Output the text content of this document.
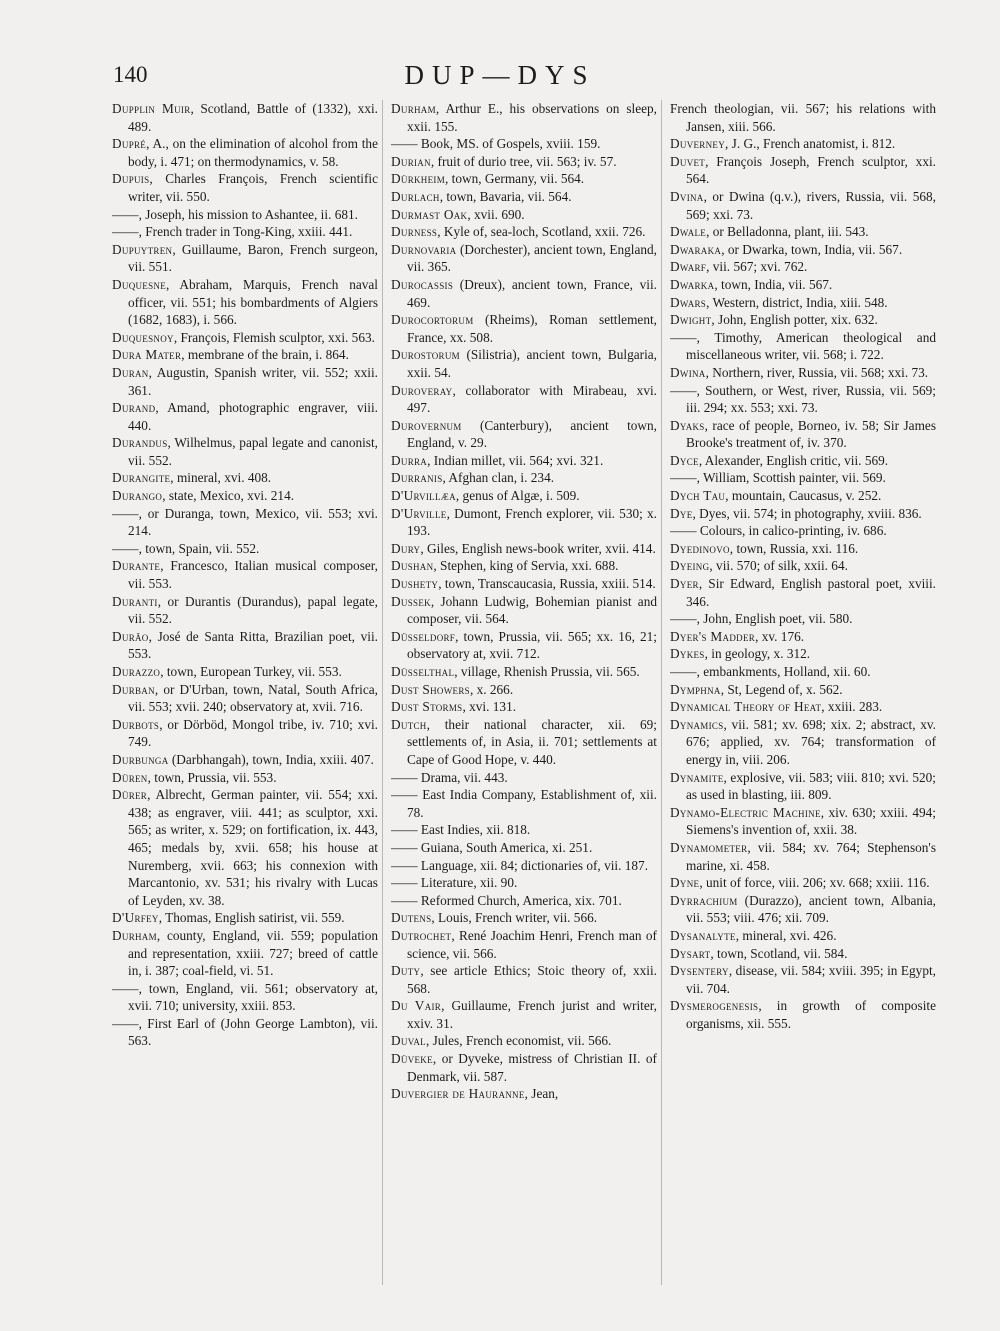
140	DUP—DYS

Dupplin Muir, Scotland, Battle of (1332), xxi. 489.

Dupré, A., on the elimination of alcohol from the body, i. 471; on thermodynamics, v. 58.

Dupuis, Charles François, French scientific writer, vii. 550.

——, Joseph, his mission to Ashantee, ii. 681.

——, French trader in Tong-King, xxiii. 441.

Dupuytren, Guillaume, Baron, French surgeon, vii. 551.

Duquesne, Abraham, Marquis, French naval officer, vii. 551; his bombardments of Algiers (1682, 1683), i. 566.

Duquesnoy, François, Flemish sculptor, xxi. 563.

Dura Mater, membrane of the brain, i. 864.

Duran, Augustin, Spanish writer, vii. 552; xxii. 361.

Durand, Amand, photographic engraver, viii. 440.

Durandus, Wilhelmus, papal legate and canonist, vii. 552.

Durangite, mineral, xvi. 408.

Durango, state, Mexico, xvi. 214.

——, or Duranga, town, Mexico, vii. 553; xvi. 214.

——, town, Spain, vii. 552.

Durante, Francesco, Italian musical composer, vii. 553.

Duranti, or Durantis (Durandus), papal legate, vii. 552.

Durão, José de Santa Ritta, Brazilian poet, vii. 553.

Durazzo, town, European Turkey, vii. 553.

Durban, or D'Urban, town, Natal, South Africa, vii. 553; xvii. 240; observatory at, xvii. 716.

Durbots, or Dörböd, Mongol tribe, iv. 710; xvi. 749.

Durbunga (Darbhangah), town, India, xxiii. 407.

Düren, town, Prussia, vii. 553.

Dürer, Albrecht, German painter, vii. 554; xxi. 438; as engraver, viii. 441; as sculptor, xxi. 565; as writer, x. 529; on fortification, ix. 443, 465; medals by, xvii. 658; his house at Nuremberg, xvii. 663; his connexion with Marcantonio, xv. 531; his rivalry with Lucas of Leyden, xv. 38.

D'Urfey, Thomas, English satirist, vii. 559.

Durham, county, England, vii. 559; population and representation, xxiii. 727; breed of cattle in, i. 387; coal-field, vi. 51.

——, town, England, vii. 561; observatory at, xvii. 710; university, xxiii. 853.

——, First Earl of (John George Lambton), vii. 563.

Durham, Arthur E., his observations on sleep, xxii. 155.

—— Book, MS. of Gospels, xviii. 159.

Durian, fruit of durio tree, vii. 563; iv. 57.

Dürkheim, town, Germany, vii. 564.

Durlach, town, Bavaria, vii. 564.

Durmast Oak, xvii. 690.

Durness, Kyle of, sea-loch, Scotland, xxii. 726.

Durnovaria (Dorchester), ancient town, England, vii. 365.

Durocassis (Dreux), ancient town, France, vii. 469.

Durocortorum (Rheims), Roman settlement, France, xx. 508.

Durostorum (Silistria), ancient town, Bulgaria, xxii. 54.

Duroveray, collaborator with Mirabeau, xvi. 497.

Durovernum (Canterbury), ancient town, England, v. 29.

Durra, Indian millet, vii. 564; xvi. 321.

Durranis, Afghan clan, i. 234.

D'Urvillæa, genus of Algæ, i. 509.

D'Urville, Dumont, French explorer, vii. 530; x. 193.

Dury, Giles, English news-book writer, xvii. 414.

Dushan, Stephen, king of Servia, xxi. 688.

Dushety, town, Transcaucasia, Russia, xxiii. 514.

Dussek, Johann Ludwig, Bohemian pianist and composer, vii. 564.

Düsseldorf, town, Prussia, vii. 565; xx. 16, 21; observatory at, xvii. 712.

Düsselthal, village, Rhenish Prussia, vii. 565.

Dust Showers, x. 266.

Dust Storms, xvi. 131.

Dutch, their national character, xii. 69; settlements of, in Asia, ii. 701; settlements at Cape of Good Hope, v. 440.

—— Drama, vii. 443.

—— East India Company, Establishment of, xii. 78.

—— East Indies, xii. 818.

—— Guiana, South America, xi. 251.

—— Language, xii. 84; dictionaries of, vii. 187.

—— Literature, xii. 90.

—— Reformed Church, America, xix. 701.

Dutens, Louis, French writer, vii. 566.

Dutrochet, René Joachim Henri, French man of science, vii. 566.

Duty, see article Ethics; Stoic theory of, xxii. 568.

Du Vair, Guillaume, French jurist and writer, xxiv. 31.

Duval, Jules, French economist, vii. 566.

Düveke, or Dyveke, mistress of Christian II. of Denmark, vii. 587.

Duvergier de Hauranne, Jean,

French theologian, vii. 567; his relations with Jansen, xiii. 566.

Duverney, J. G., French anatomist, i. 812.

Duvet, François Joseph, French sculptor, xxi. 564.

Dvina, or Dwina (q.v.), rivers, Russia, vii. 568, 569; xxi. 73.

Dwale, or Belladonna, plant, iii. 543.

Dwaraka, or Dwarka, town, India, vii. 567.

Dwarf, vii. 567; xvi. 762.

Dwarka, town, India, vii. 567.

Dwars, Western, district, India, xiii. 548.

Dwight, John, English potter, xix. 632.

——, Timothy, American theological and miscellaneous writer, vii. 568; i. 722.

Dwina, Northern, river, Russia, vii. 568; xxi. 73.

——, Southern, or West, river, Russia, vii. 569; iii. 294; xx. 553; xxi. 73.

Dyaks, race of people, Borneo, iv. 58; Sir James Brooke's treatment of, iv. 370.

Dyce, Alexander, English critic, vii. 569.

——, William, Scottish painter, vii. 569.

Dych Tau, mountain, Caucasus, v. 252.

Dye, Dyes, vii. 574; in photography, xviii. 836.

—— Colours, in calico-printing, iv. 686.

Dyedinovo, town, Russia, xxi. 116.

Dyeing, vii. 570; of silk, xxii. 64.

Dyer, Sir Edward, English pastoral poet, xviii. 346.

——, John, English poet, vii. 580.

Dyer's Madder, xv. 176.

Dykes, in geology, x. 312.

——, embankments, Holland, xii. 60.

Dymphna, St, Legend of, x. 562.

Dynamical Theory of Heat, xxiii. 283.

Dynamics, vii. 581; xv. 698; xix. 2; abstract, xv. 676; applied, xv. 764; transformation of energy in, viii. 206.

Dynamite, explosive, vii. 583; viii. 810; xvi. 520; as used in blasting, iii. 809.

Dynamo-Electric Machine, xiv. 630; xxiii. 494; Siemens's invention of, xxii. 38.

Dynamometer, vii. 584; xv. 764; Stephenson's marine, xi. 458.

Dyne, unit of force, viii. 206; xv. 668; xxiii. 116.

Dyrrachium (Durazzo), ancient town, Albania, vii. 553; viii. 476; xii. 709.

Dysanalyte, mineral, xvi. 426.

Dysart, town, Scotland, vii. 584.

Dysentery, disease, vii. 584; xviii. 395; in Egypt, vii. 704.

Dysmerogenesis, in growth of composite organisms, xii. 555.
